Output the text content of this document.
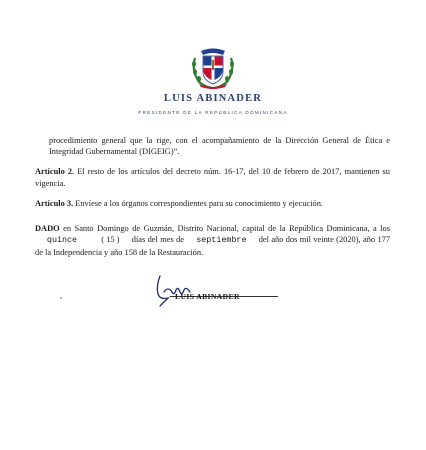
LUIS ABINADER
PRESIDENTE DE LA REPÚBLICA DOMINICANA

procedimiento general que la rige, con el acompañamiento de la Dirección General de Ética e Integridad Gubernamental (DIGEIG)”.

Artículo 2. El resto de los artículos del decreto núm. 16-17, del 10 de febrero de 2017, mantienen su vigencia.

Artículo 3. Envíese a los órganos correspondientes para su conocimiento y ejecución.

DADO en Santo Domingo de Guzmán, Distrito Nacional, capital de la República Dominicana, a los quince	( 15 ) días del mes de septiembre del año dos mil veinte (2020), año 177 de la Independencia y año 158 de la Restauración.

LUIS ABINADER
